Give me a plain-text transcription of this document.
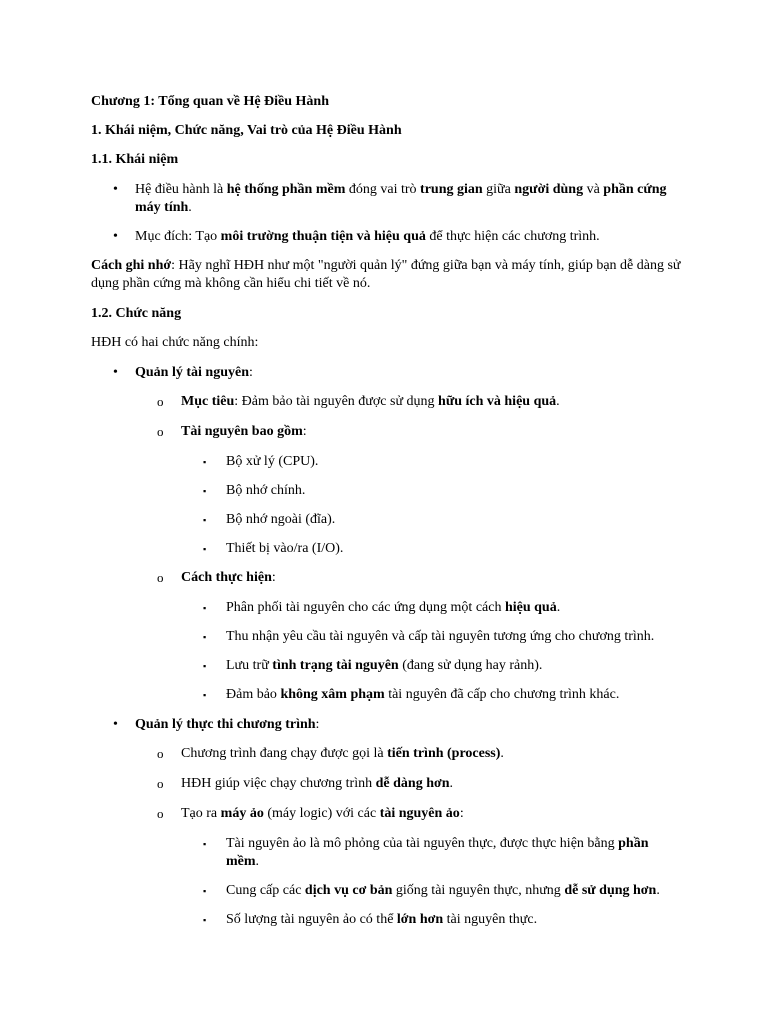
Chương 1: Tổng quan về Hệ Điều Hành

1. Khái niệm, Chức năng, Vai trò của Hệ Điều Hành

1.1. Khái niệm

• Hệ điều hành là hệ thống phần mềm đóng vai trò trung gian giữa người dùng và phần cứng máy tính.
• Mục đích: Tạo môi trường thuận tiện và hiệu quả để thực hiện các chương trình.

Cách ghi nhớ: Hãy nghĩ HĐH như một "người quản lý" đứng giữa bạn và máy tính, giúp bạn dễ dàng sử dụng phần cứng mà không cần hiểu chi tiết về nó.

1.2. Chức năng

HĐH có hai chức năng chính:

• Quản lý tài nguyên:
o Mục tiêu: Đảm bảo tài nguyên được sử dụng hữu ích và hiệu quả.
o Tài nguyên bao gồm:
▪ Bộ xử lý (CPU).
▪ Bộ nhớ chính.
▪ Bộ nhớ ngoài (đĩa).
▪ Thiết bị vào/ra (I/O).
o Cách thực hiện:
▪ Phân phối tài nguyên cho các ứng dụng một cách hiệu quả.
▪ Thu nhận yêu cầu tài nguyên và cấp tài nguyên tương ứng cho chương trình.
▪ Lưu trữ tình trạng tài nguyên (đang sử dụng hay rảnh).
▪ Đảm bảo không xâm phạm tài nguyên đã cấp cho chương trình khác.
• Quản lý thực thi chương trình:
o Chương trình đang chạy được gọi là tiến trình (process).
o HĐH giúp việc chạy chương trình dễ dàng hơn.
o Tạo ra máy ảo (máy logic) với các tài nguyên ảo:
▪ Tài nguyên ảo là mô phỏng của tài nguyên thực, được thực hiện bằng phần mềm.
▪ Cung cấp các dịch vụ cơ bản giống tài nguyên thực, nhưng dễ sử dụng hơn.
▪ Số lượng tài nguyên ảo có thể lớn hơn tài nguyên thực.
